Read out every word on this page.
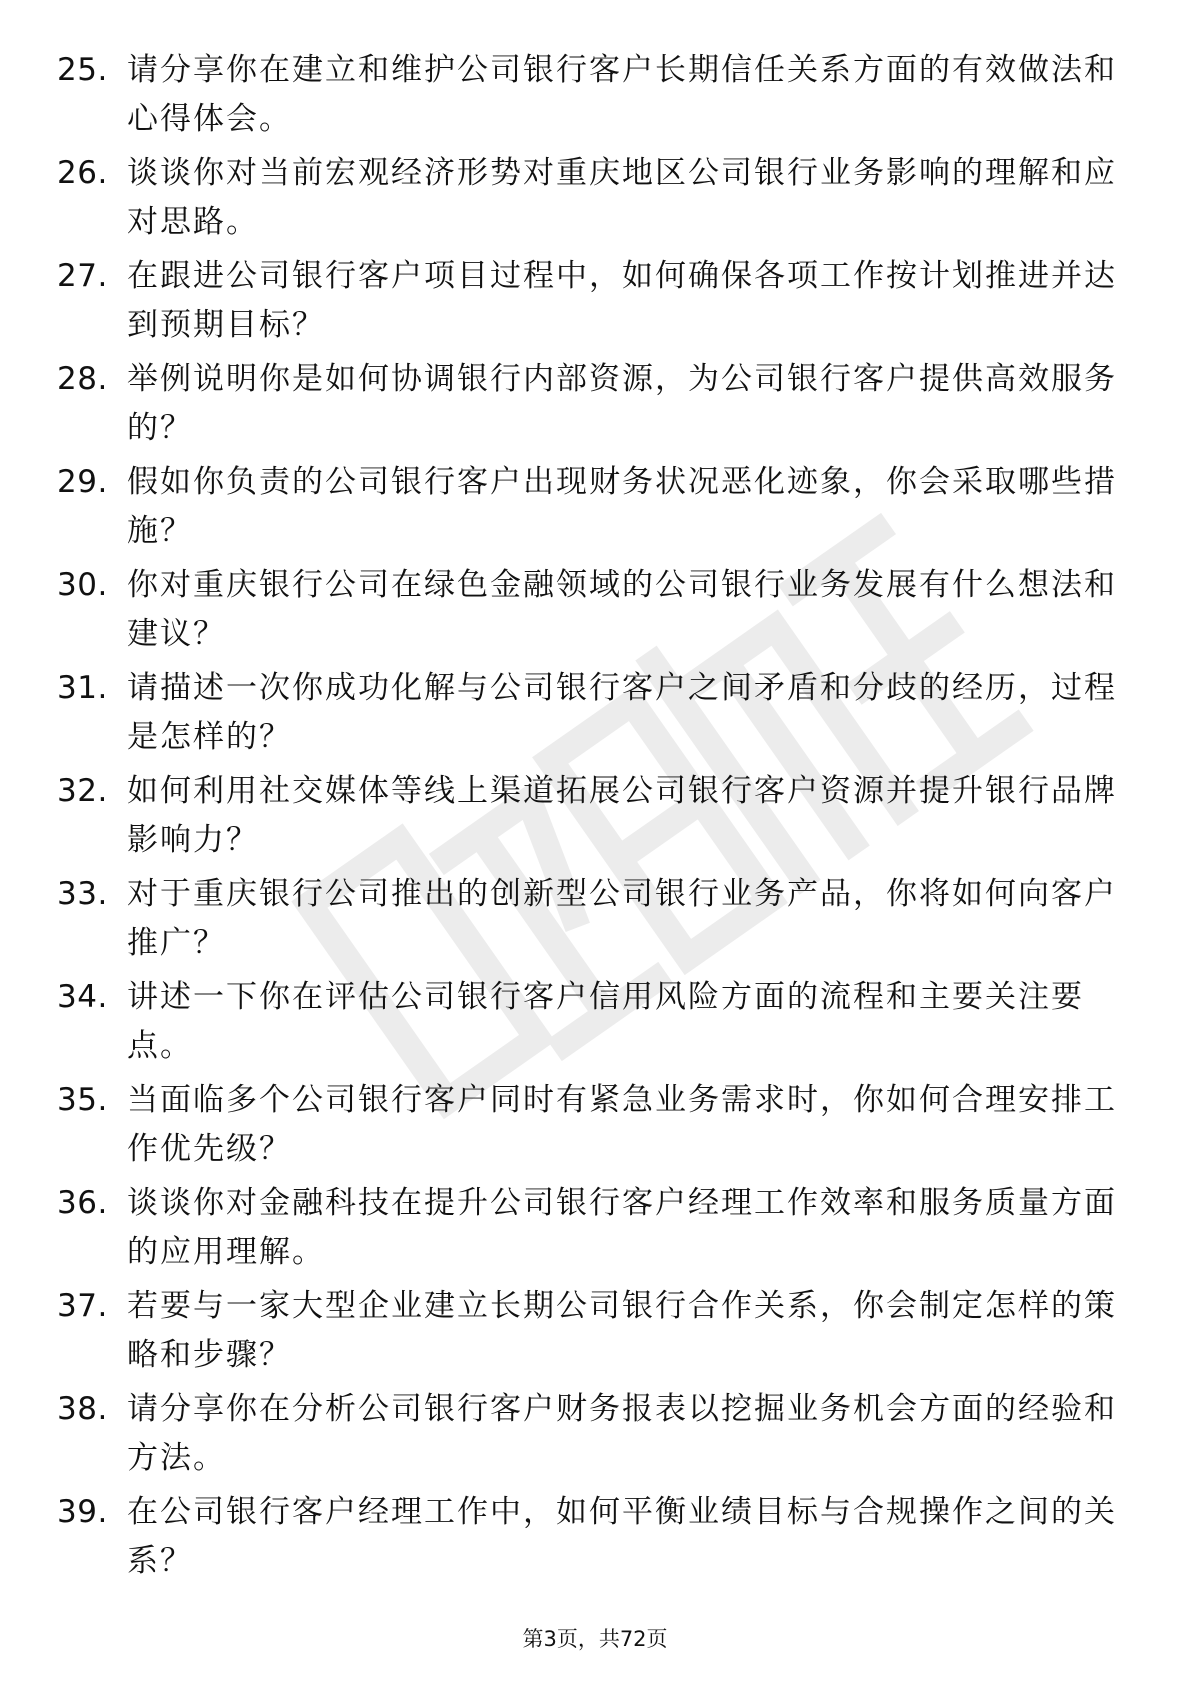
25. 请分享你在建立和维护公司银行客户长期信任关系方面的有效做法和心得体会。
26. 谈谈你对当前宏观经济形势对重庆地区公司银行业务影响的理解和应对思路。
27. 在跟进公司银行客户项目过程中，如何确保各项工作按计划推进并达到预期目标？
28. 举例说明你是如何协调银行内部资源，为公司银行客户提供高效服务的？
29. 假如你负责的公司银行客户出现财务状况恶化迹象，你会采取哪些措施？
30. 你对重庆银行公司在绿色金融领域的公司银行业务发展有什么想法和建议？
31. 请描述一次你成功化解与公司银行客户之间矛盾和分歧的经历，过程是怎样的？
32. 如何利用社交媒体等线上渠道拓展公司银行客户资源并提升银行品牌影响力？
33. 对于重庆银行公司推出的创新型公司银行业务产品，你将如何向客户推广？
34. 讲述一下你在评估公司银行客户信用风险方面的流程和主要关注要点。
35. 当面临多个公司银行客户同时有紧急业务需求时，你如何合理安排工作优先级？
36. 谈谈你对金融科技在提升公司银行客户经理工作效率和服务质量方面的应用理解。
37. 若要与一家大型企业建立长期公司银行合作关系，你会制定怎样的策略和步骤？
38. 请分享你在分析公司银行客户财务报表以挖掘业务机会方面的经验和方法。
39. 在公司银行客户经理工作中，如何平衡业绩目标与合规操作之间的关系？
第3页，共72页
